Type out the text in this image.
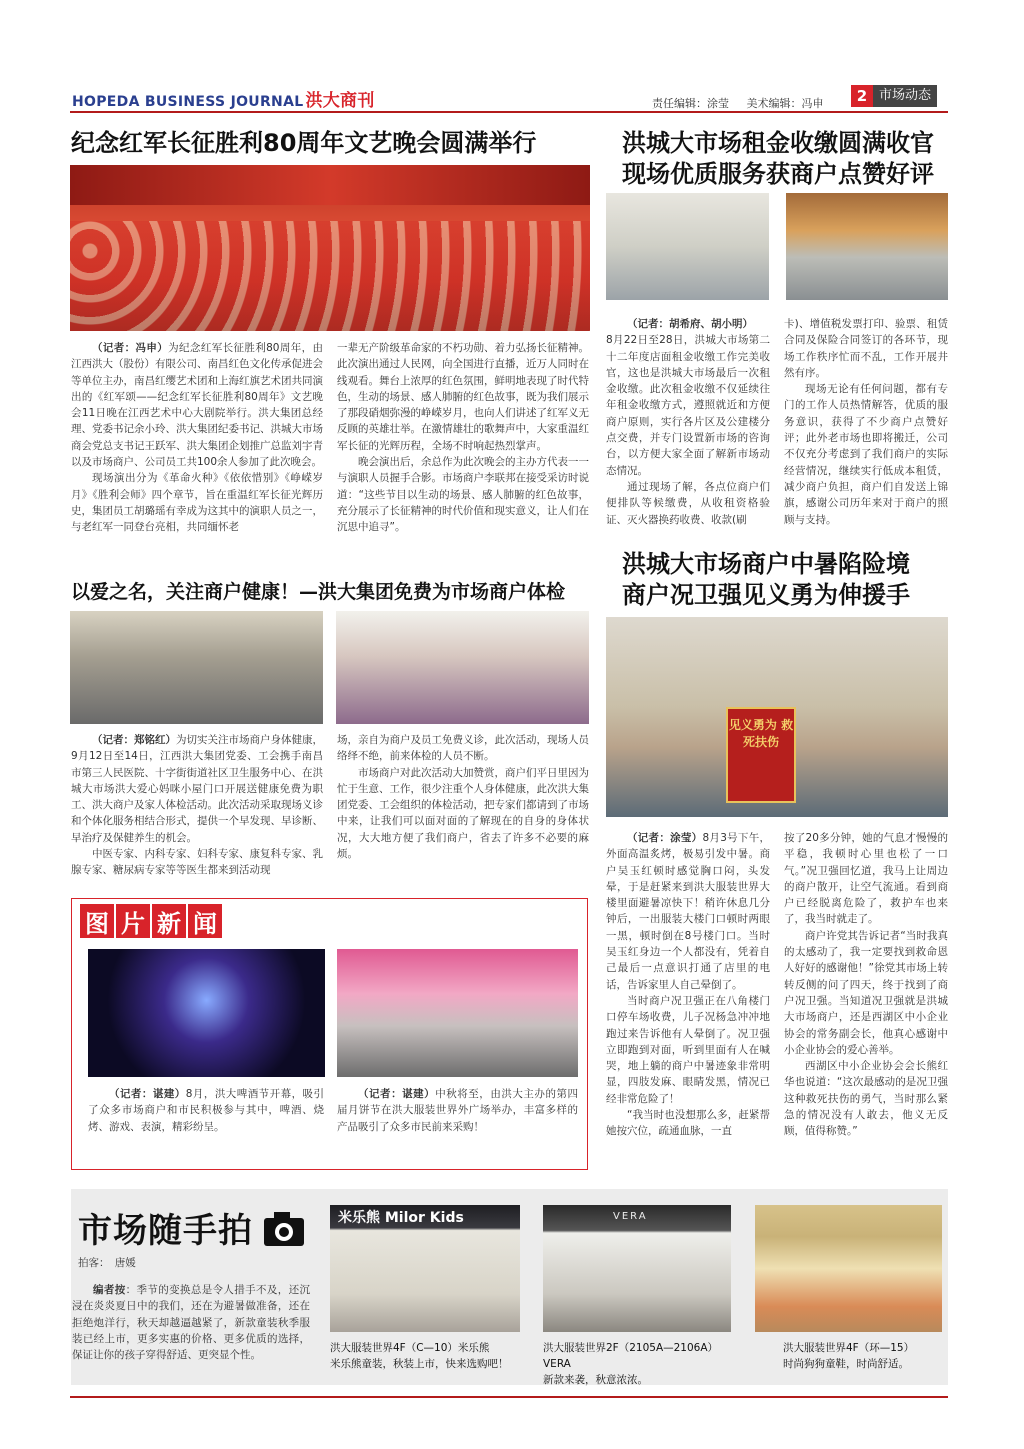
HOPEDA BUSINESS JOURNAL 洪大商刊	责任编辑：涂莹 美术编辑：冯申	2 市场动态
纪念红军长征胜利80周年文艺晚会圆满举行

（记者：冯申）为纪念红军长征胜利80周年，由江西洪大（股份）有限公司、南昌红色文化传承促进会等单位主办，南昌红缨艺术团和上海红旗艺术团共同演出的《红军颂——纪念红军长征胜利80周年》文艺晚会11日晚在江西艺术中心大剧院举行。洪大集团总经理、党委书记余小玲、洪大集团纪委书记、洪城大市场商会党总支书记王跃军、洪大集团企划推广总监刘宇青以及市场商户、公司员工共100余人参加了此次晚会。

现场演出分为《革命火种》《依依惜别》《峥嵘岁月》《胜利会师》四个章节，旨在重温红军长征光辉历史，集团员工胡璐瑶有幸成为这其中的演职人员之一，与老红军一同登台亮相，共同缅怀老

一辈无产阶级革命家的不朽功勋、着力弘扬长征精神。此次演出通过人民网，向全国进行直播，近万人同时在线观看。舞台上浓厚的红色氛围，鲜明地表现了时代特色，生动的场景、感人肺腑的红色故事，既为我们展示了那段硝烟弥漫的峥嵘岁月，也向人们讲述了红军义无反顾的英雄壮举。在激情雄壮的歌舞声中，大家重温红军长征的光辉历程，全场不时响起热烈掌声。

晚会演出后，余总作为此次晚会的主办方代表一一与演职人员握手合影。市场商户李联邦在接受采访时说道：“这些节目以生动的场景、感人肺腑的红色故事，充分展示了长征精神的时代价值和现实意义，让人们在沉思中追寻”。

洪城大市场租金收缴圆满收官
现场优质服务获商户点赞好评

（记者：胡希府、胡小明）

8月22日至28日，洪城大市场第二十二年度店面租金收缴工作完美收官，这也是洪城大市场最后一次租金收缴。此次租金收缴不仅延续往年租金收缴方式，遵照就近和方便商户原则，实行各片区及公建楼分点交费，并专门设置新市场的咨询台，以方便大家全面了解新市场动态情况。

通过现场了解，各点位商户们便排队等候缴费，从收租资格验证、灭火器换药收费、收款(刷

卡)、增值税发票打印、验票、租赁合同及保险合同签订的各环节，现场工作秩序忙而不乱，工作开展井然有序。

现场无论有任何问题，都有专门的工作人员热情解答，优质的服务意识，获得了不少商户点赞好评；此外老市场也即将搬迁，公司不仅充分考虑到了我们商户的实际经营情况，继续实行低成本租赁，减少商户负担，商户们自发送上锦旗，感谢公司历年来对于商户的照顾与支持。

以爱之名，关注商户健康！—洪大集团免费为市场商户体检

（记者：郑铭红）为切实关注市场商户身体健康，9月12日至14日，江西洪大集团党委、工会携手南昌市第三人民医院、十字街街道社区卫生服务中心、在洪城大市场洪大爱心妈咪小屋门口开展送健康免费为职工、洪大商户及家人体检活动。此次活动采取现场义诊和个体化服务相结合形式，提供一个早发现、早诊断、早治疗及保健养生的机会。

中医专家、内科专家、妇科专家、康复科专家、乳腺专家、糖尿病专家等等医生都来到活动现

场，亲自为商户及员工免费义诊，此次活动，现场人员络绎不绝，前来体检的人员不断。

市场商户对此次活动大加赞赏，商户们平日里因为忙于生意、工作，很少注重个人身体健康，此次洪大集团党委、工会组织的体检活动，把专家们都请到了市场中来，让我们可以面对面的了解现在的自身的身体状况，大大地方便了我们商户，省去了许多不必要的麻烦。

洪城大市场商户中暑陷险境
商户况卫强见义勇为伸援手
见义勇为 救死扶伤

（记者：涂莹）8月3号下午，外面高温炙烤，极易引发中暑。商户吴玉红顿时感觉胸口闷，头发晕，于是赶紧来到洪大服装世界大楼里面避暑凉快下！稍许休息几分钟后，一出服装大楼门口顿时两眼一黑，顿时倒在8号楼门口。当时吴玉红身边一个人都没有，凭着自己最后一点意识打通了店里的电话，告诉家里人自己晕倒了。

当时商户况卫强正在八角楼门口停车场收费，儿子况杨急冲冲地跑过来告诉他有人晕倒了。况卫强立即跑到对面，听到里面有人在喊哭，地上躺的商户中暑迹象非常明显，四肢发麻、眼睛发黑，情况已经非常危险了！

“我当时也没想那么多，赶紧帮她按穴位，疏通血脉，一直

按了20多分钟，她的气息才慢慢的平稳，我顿时心里也松了一口气。”况卫强回忆道，我马上让周边的商户散开，让空气流通。看到商户已经脱离危险了，救护车也来了，我当时就走了。

商户许党其告诉记者“当时我真的太感动了，我一定要找到救命恩人好好的感谢他！”徐党其市场上转转反侧的问了四天，终于找到了商户况卫强。当知道况卫强就是洪城大市场商户，还是西湖区中小企业协会的常务副会长，他真心感谢中小企业协会的爱心善举。

西湖区中小企业协会会长熊红华也说道：“这次最感动的是况卫强这种救死扶伤的勇气，当时那么紧急的情况没有人敢去，他义无反顾，值得称赞。”

图 片 新 闻

（记者：谌建）8月，洪大啤酒节开幕，吸引了众多市场商户和市民积极参与其中，啤酒、烧烤、游戏、表演，精彩纷呈。

（记者：谌建）中秋将至，由洪大主办的第四届月饼节在洪大服装世界外广场举办，丰富多样的产品吸引了众多市民前来采购！

市场随手拍
拍客：　唐媛

编者按：季节的变换总是令人措手不及，还沉浸在炎炎夏日中的我们，还在为避暑做准备，还在拒绝炮洋行，秋天却越逼越紧了，新款童装秋季服装已经上市，更多实惠的价格、更多优质的选择，保证让你的孩子穿得舒适、更突显个性。

米乐熊 Milor Kids	VERA
洪大服装世界4F（C—10）米乐熊
米乐熊童装，秋装上市，快来选购吧！
洪大服装世界2F（2105A—2106A）VERA
新款来袭，秋意浓浓。
洪大服装世界4F（环—15）
时尚狗狗童鞋，时尚舒适。
